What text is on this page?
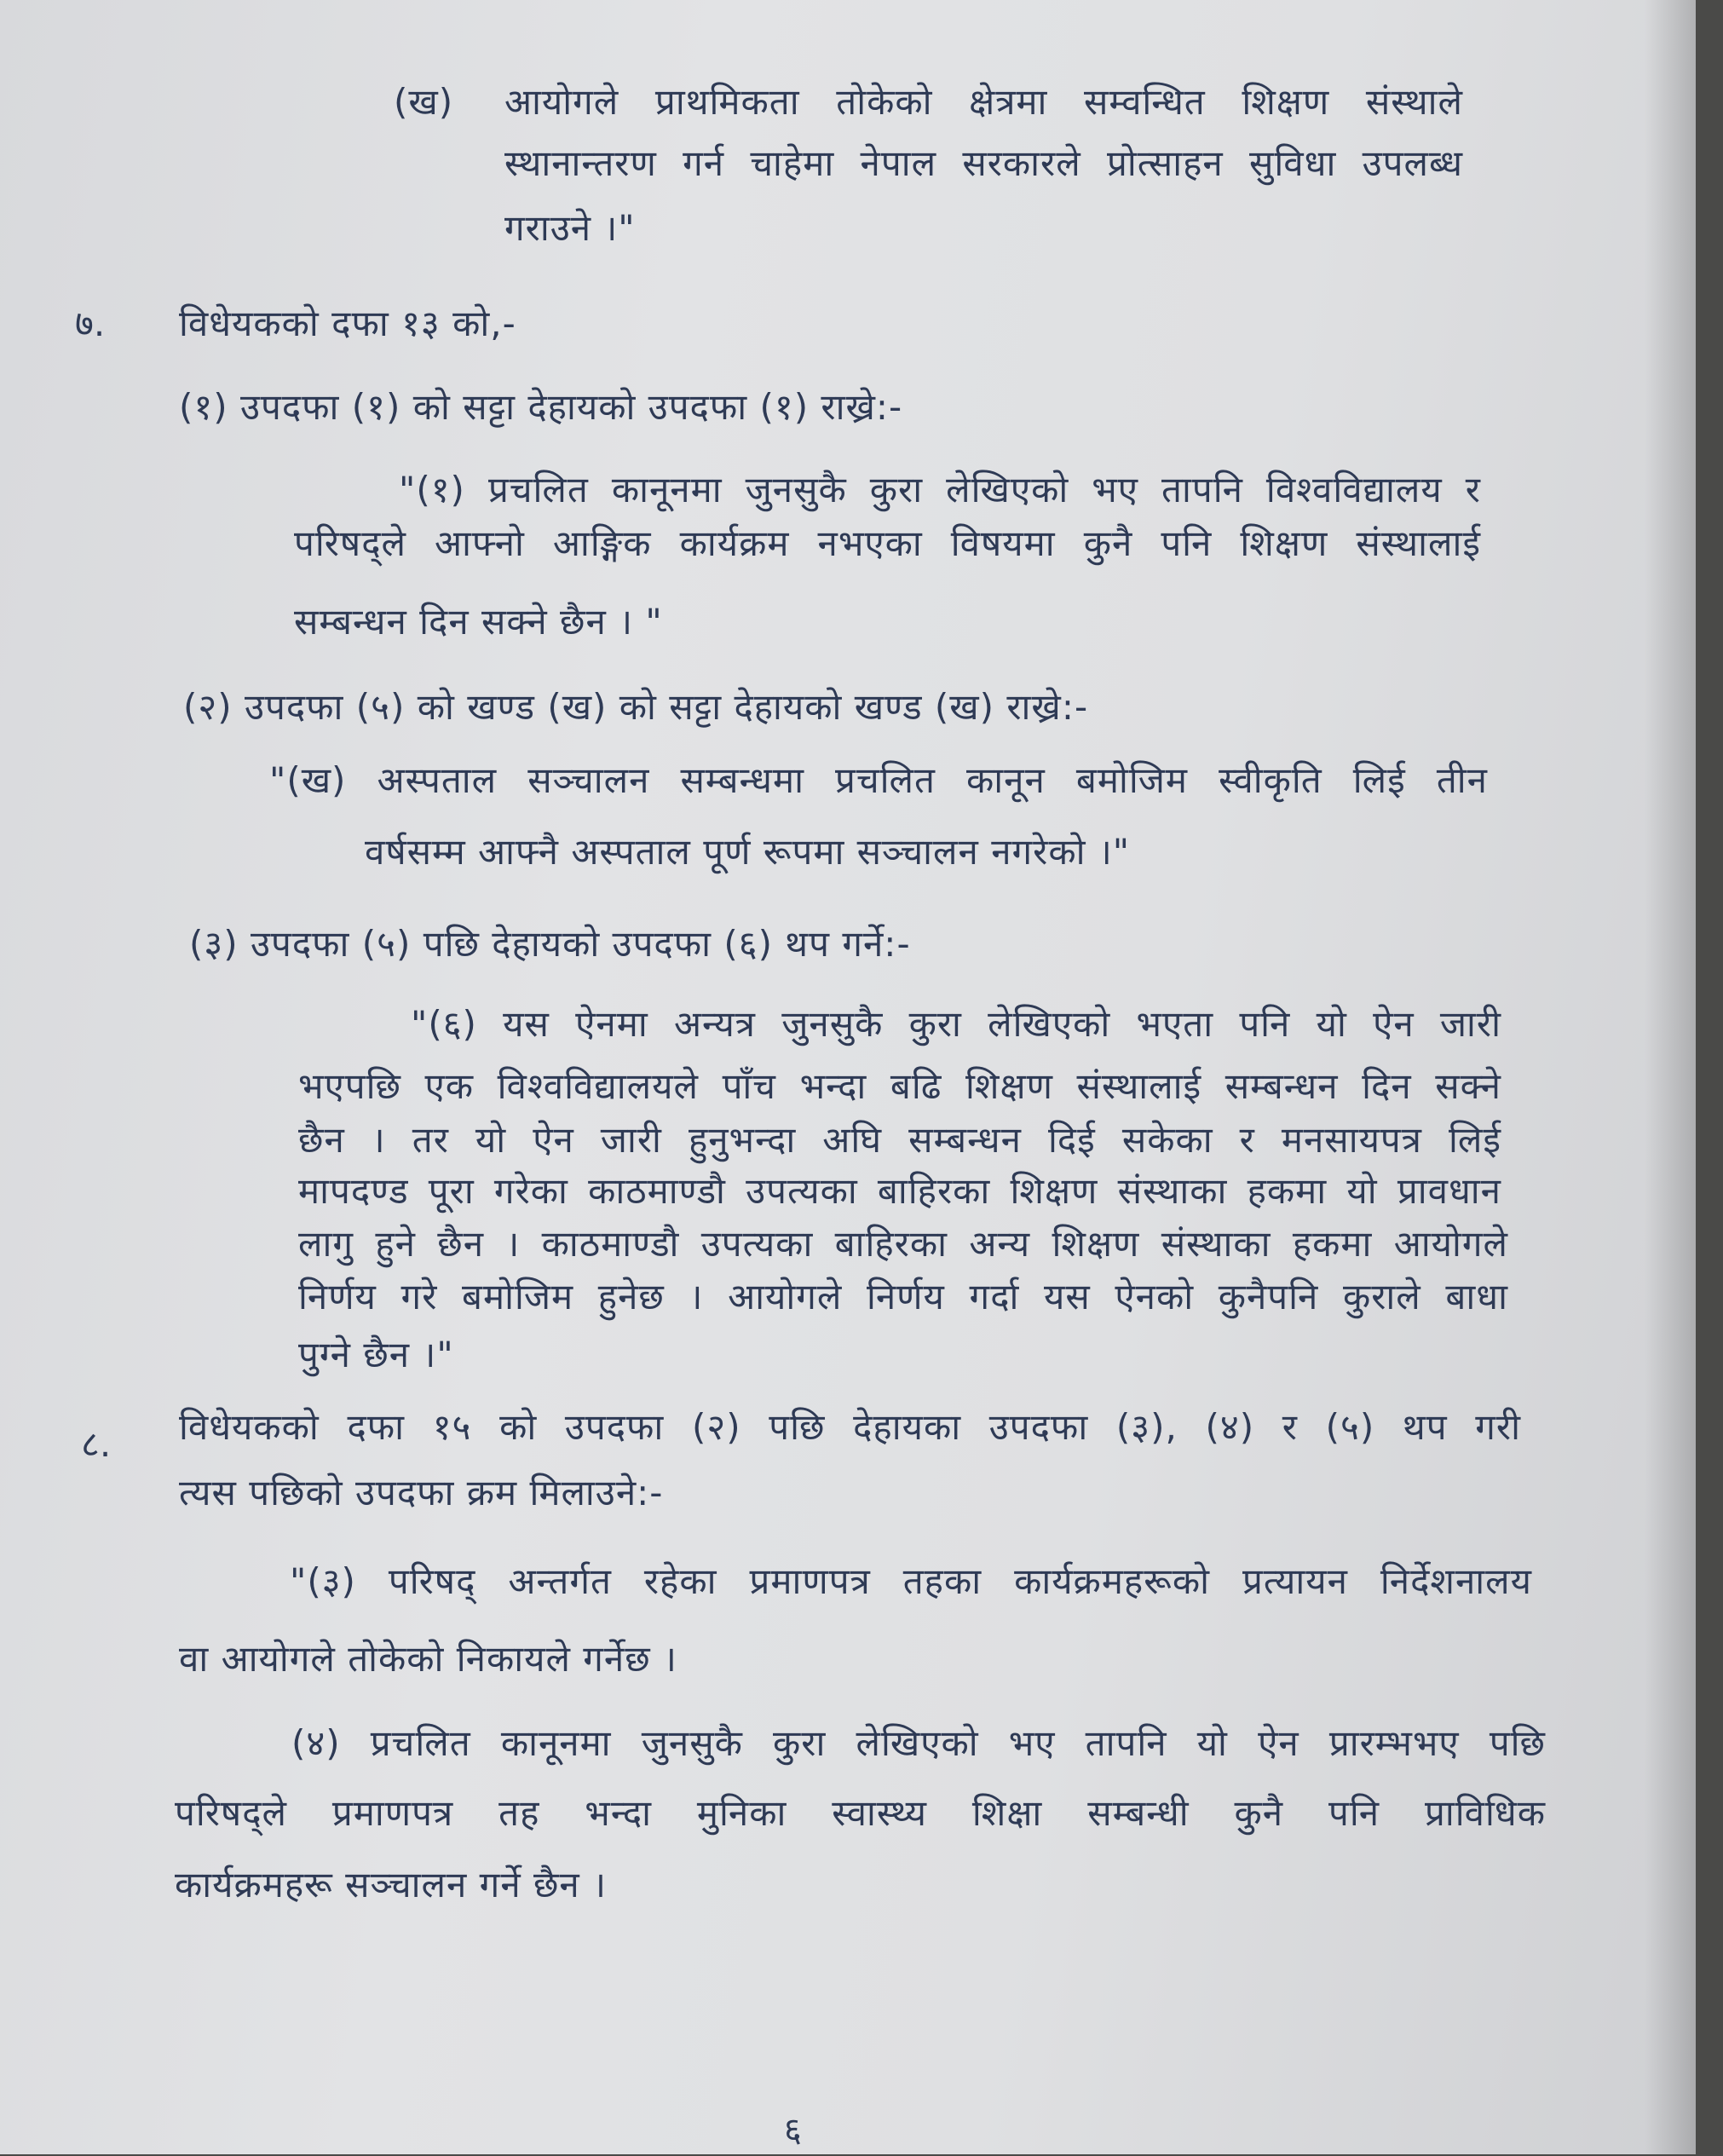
(ख) आयोगले प्राथमिकता तोकेको क्षेत्रमा सम्वन्धित शिक्षण संस्थाले
स्थानान्तरण गर्न चाहेमा नेपाल सरकारले प्रोत्साहन सुविधा उपलब्ध
गराउने ।"
७. विधेयकको दफा १३ को,-
(१) उपदफा (१) को सट्टा देहायको उपदफा (१) राख्रे:-
"(१) प्रचलित कानूनमा जुनसुकै कुरा लेखिएको भए तापनि विश्वविद्यालय र
परिषद्ले आफ्नो आङ्गिक कार्यक्रम नभएका विषयमा कुनै पनि शिक्षण संस्थालाई
सम्बन्धन दिन सक्ने छैन । "
(२) उपदफा (५) को खण्ड (ख) को सट्टा देहायको खण्ड (ख) राख्रे:-
"(ख) अस्पताल सञ्चालन सम्बन्धमा प्रचलित कानून बमोजिम स्वीकृति लिई तीन
वर्षसम्म आफ्नै अस्पताल पूर्ण रूपमा सञ्चालन नगरेको ।"
(३) उपदफा (५) पछि देहायको उपदफा (६) थप गर्ने:-
"(६) यस ऐनमा अन्यत्र जुनसुकै कुरा लेखिएको भएता पनि यो ऐन जारी
भएपछि एक विश्वविद्यालयले पाँच भन्दा बढि शिक्षण संस्थालाई सम्बन्धन दिन सक्ने
छैन । तर यो ऐन जारी हुनुभन्दा अघि सम्बन्धन दिई सकेका र मनसायपत्र लिई
मापदण्ड पूरा गरेका काठमाण्डौ उपत्यका बाहिरका शिक्षण संस्थाका हकमा यो प्रावधान
लागु हुने छैन । काठमाण्डौ उपत्यका बाहिरका अन्य शिक्षण संस्थाका हकमा आयोगले
निर्णय गरे बमोजिम हुनेछ । आयोगले निर्णय गर्दा यस ऐनको कुनैपनि कुराले बाधा
पुग्ने छैन ।"
८. विधेयकको दफा १५ को उपदफा (२) पछि देहायका उपदफा (३), (४) र (५) थप गरी
त्यस पछिको उपदफा क्रम मिलाउने:-
"(३) परिषद् अन्तर्गत रहेका प्रमाणपत्र तहका कार्यक्रमहरूको प्रत्यायन निर्देशनालय
वा आयोगले तोकेको निकायले गर्नेछ ।
(४) प्रचलित कानूनमा जुनसुकै कुरा लेखिएको भए तापनि यो ऐन प्रारम्भभए पछि
परिषद्ले प्रमाणपत्र तह भन्दा मुनिका स्वास्थ्य शिक्षा सम्बन्धी कुनै पनि प्राविधिक
कार्यक्रमहरू सञ्चालन गर्ने छैन ।
६
